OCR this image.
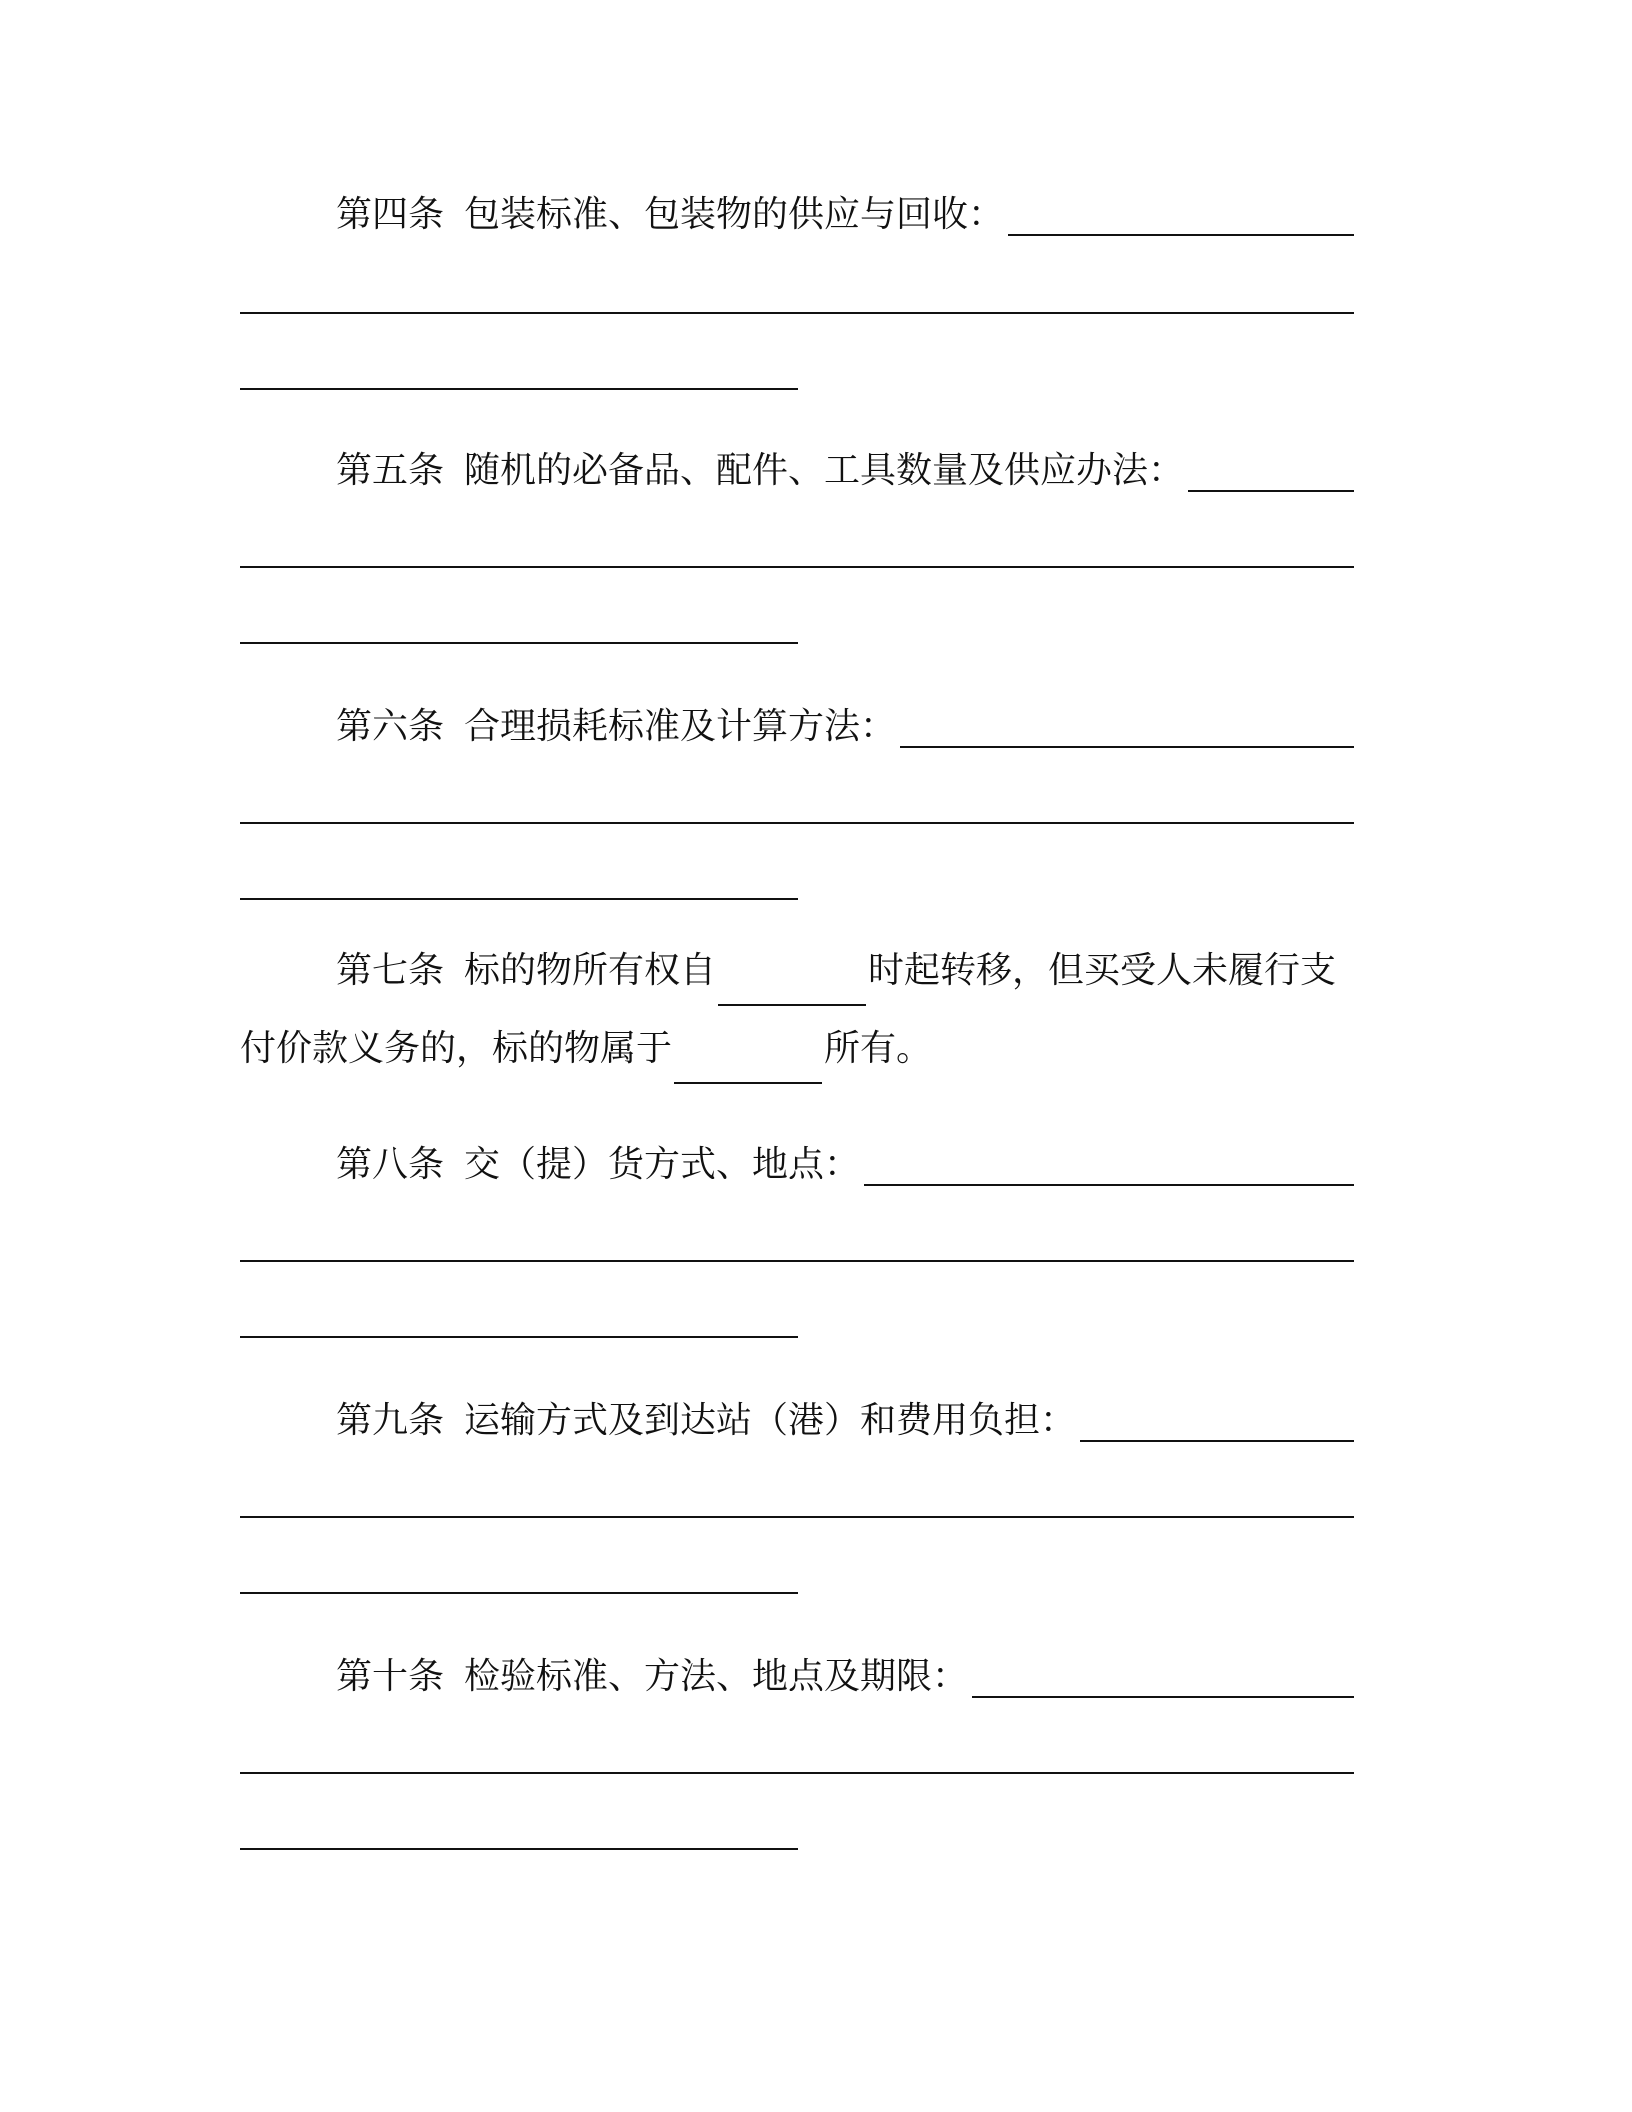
第四条 包装标准、包装物的供应与回收：
第五条 随机的必备品、配件、工具数量及供应办法：
第六条 合理损耗标准及计算方法：
第七条 标的物所有权自	时起转移，但买受人未履行支
付价款义务的，标的物属于	所有。
第八条 交（提）货方式、地点：
第九条 运输方式及到达站（港）和费用负担：
第十条 检验标准、方法、地点及期限：
